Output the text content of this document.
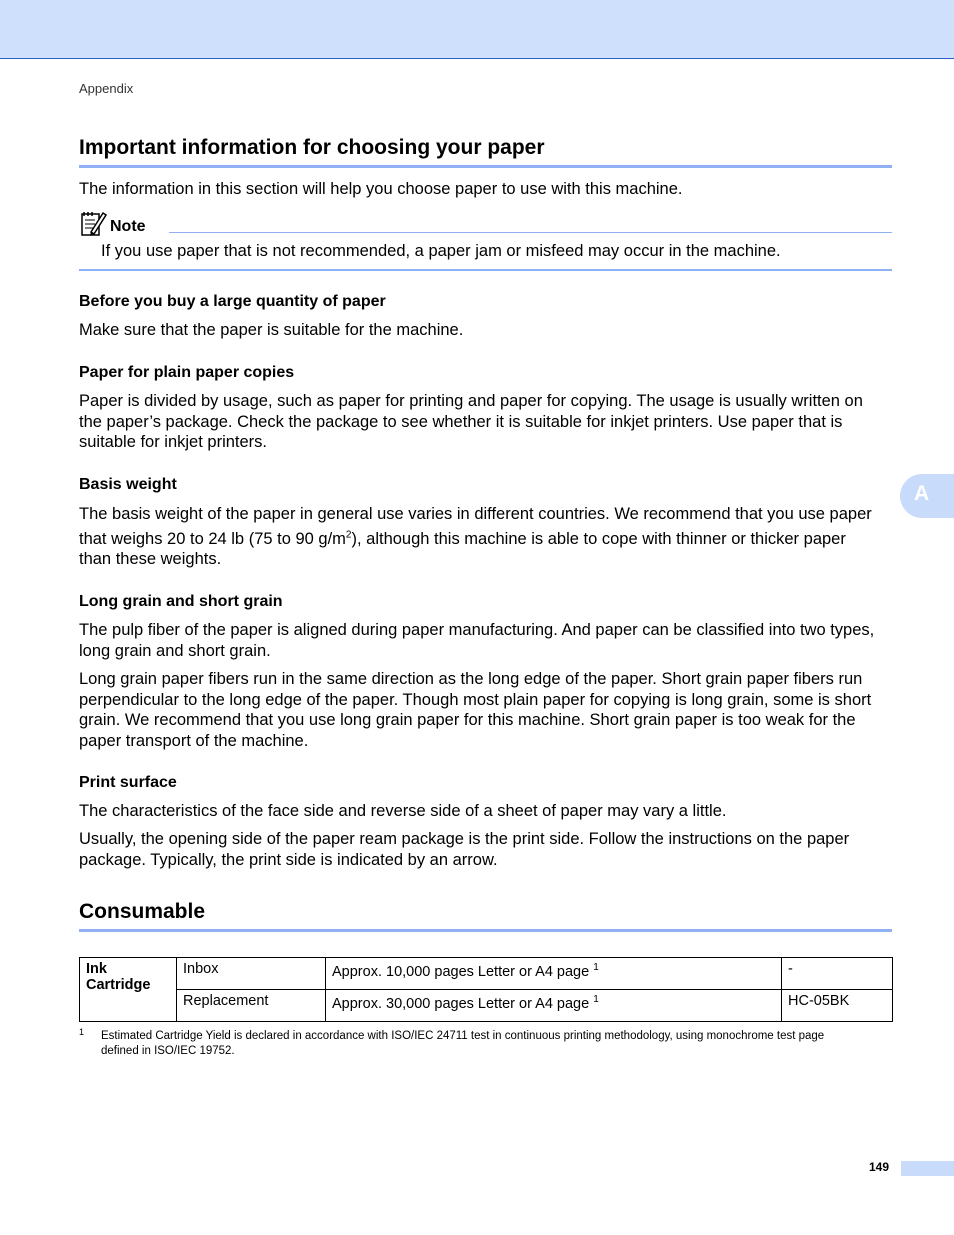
Appendix
Important information for choosing your paper
The information in this section will help you choose paper to use with this machine.
Note
If you use paper that is not recommended, a paper jam or misfeed may occur in the machine.
Before you buy a large quantity of paper
Make sure that the paper is suitable for the machine.
Paper for plain paper copies
Paper is divided by usage, such as paper for printing and paper for copying. The usage is usually written on
the paper’s package. Check the package to see whether it is suitable for inkjet printers. Use paper that is
suitable for inkjet printers.
Basis weight
The basis weight of the paper in general use varies in different countries. We recommend that you use paper
that weighs 20 to 24 lb (75 to 90 $g/m^2$), although this machine is able to cope with thinner or thicker paper
than these weights.
Long grain and short grain
The pulp fiber of the paper is aligned during paper manufacturing. And paper can be classified into two types,
long grain and short grain.
Long grain paper fibers run in the same direction as the long edge of the paper. Short grain paper fibers run
perpendicular to the long edge of the paper. Though most plain paper for copying is long grain, some is short
grain. We recommend that you use long grain paper for this machine. Short grain paper is too weak for the
paper transport of the machine.
Print surface
The characteristics of the face side and reverse side of a sheet of paper may vary a little.
Usually, the opening side of the paper ream package is the print side. Follow the instructions on the paper
package. Typically, the print side is indicated by an arrow.
Consumable
Ink
Cartridge	Inbox	Approx. 10,000 pages Letter or A4 page $^1$	-
	Replacement	Approx. 30,000 pages Letter or A4 page $^1$	HC-05BK
1 Estimated Cartridge Yield is declared in accordance with ISO/IEC 24711 test in continuous printing methodology, using monochrome test page
defined in ISO/IEC 19752.
A
149
